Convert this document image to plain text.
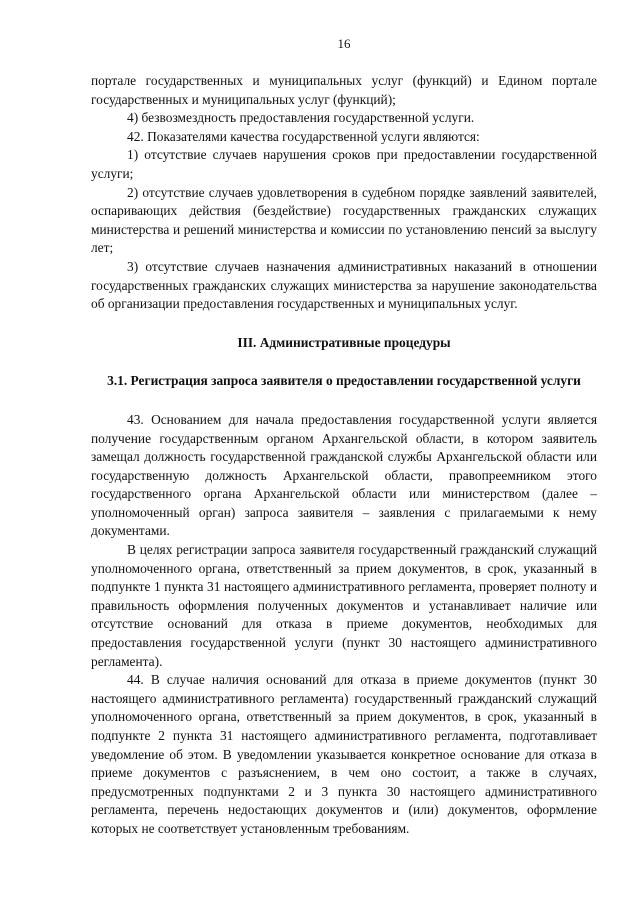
16

порталe государственных и муниципальных услуг (функций) и Едином портале государственных и муниципальных услуг (функций);

4) безвозмездность предоставления государственной услуги.

42. Показателями качества государственной услуги являются:

1) отсутствие случаев нарушения сроков при предоставлении государственной услуги;

2) отсутствие случаев удовлетворения в судебном порядке заявлений заявителей, оспаривающих действия (бездействие) государственных гражданских служащих министерства и решений министерства и комиссии по установлению пенсий за выслугу лет;

3) отсутствие случаев назначения административных наказаний в отношении государственных гражданских служащих министерства за нарушение законодательства об организации предоставления государственных и муниципальных услуг.

III. Административные процедуры

3.1. Регистрация запроса заявителя о предоставлении государственной услуги

43. Основанием для начала предоставления государственной услуги является получение государственным органом Архангельской области, в котором заявитель замещал должность государственной гражданской службы Архангельской области или государственную должность Архангельской области, правопреемником этого государственного органа Архангельской области или министерством (далее – уполномоченный орган) запроса заявителя – заявления с прилагаемыми к нему документами.

В целях регистрации запроса заявителя государственный гражданский служащий уполномоченного органа, ответственный за прием документов, в срок, указанный в подпункте 1 пункта 31 настоящего административного регламента, проверяет полноту и правильность оформления полученных документов и устанавливает наличие или отсутствие оснований для отказа в приеме документов, необходимых для предоставления государственной услуги (пункт 30 настоящего административного регламента).

44. В случае наличия оснований для отказа в приеме документов (пункт 30 настоящего административного регламента) государственный гражданский служащий уполномоченного органа, ответственный за прием документов, в срок, указанный в подпункте 2 пункта 31 настоящего административного регламента, подготавливает уведомление об этом. В уведомлении указывается конкретное основание для отказа в приеме документов с разъяснением, в чем оно состоит, а также в случаях, предусмотренных подпунктами 2 и 3 пункта 30 настоящего административного регламента, перечень недостающих документов и (или) документов, оформление которых не соответствует установленным требованиям.
